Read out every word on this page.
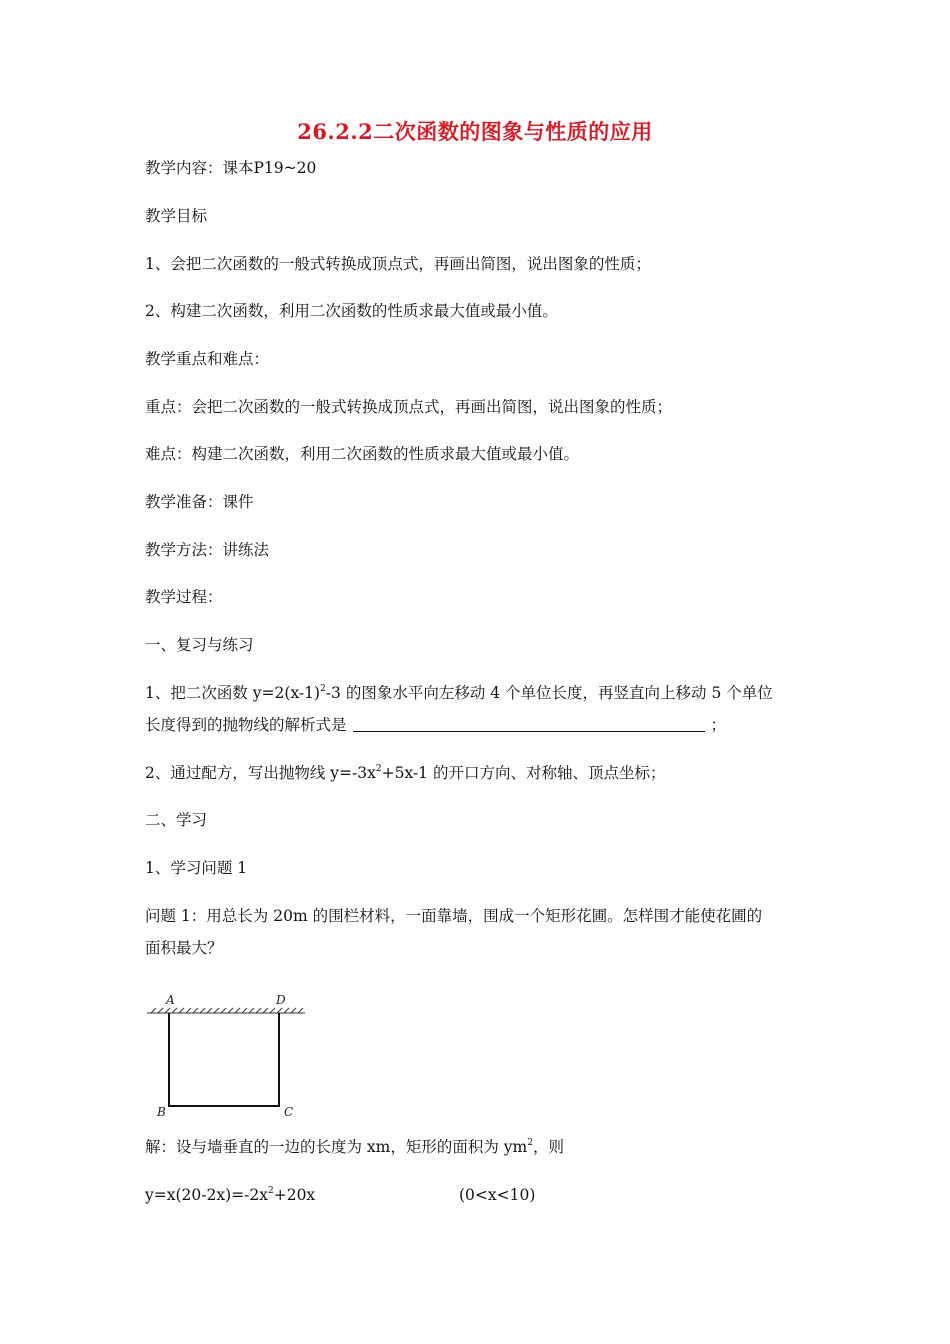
26.2.2二次函数的图象与性质的应用
教学内容：课本P19~20
教学目标
1、会把二次函数的一般式转换成顶点式，再画出简图，说出图象的性质；
2、构建二次函数，利用二次函数的性质求最大值或最小值。
教学重点和难点：
重点：会把二次函数的一般式转换成顶点式，再画出简图，说出图象的性质；
难点：构建二次函数，利用二次函数的性质求最大值或最小值。
教学准备：课件
教学方法：讲练法
教学过程：
一、复习与练习
1、把二次函数 $y=2(x-1)^2-3$ 的图象水平向左移动 4 个单位长度，再竖直向上移动 5 个单位
长度得到的抛物线的解析式是	；
2、通过配方，写出抛物线 $y=-3x^2+5x-1$ 的开口方向、对称轴、顶点坐标；
二、学习
1、学习问题 1
问题 1：用总长为 20m 的围栏材料，一面靠墙，围成一个矩形花圃。怎样围才能使花圃的
面积最大？
A	D
B	C
解：设与墙垂直的一边的长度为 xm，矩形的面积为 $ym^2$，则
$y=x(20-2x)=-2x^2+20x$	(0<x<10)
